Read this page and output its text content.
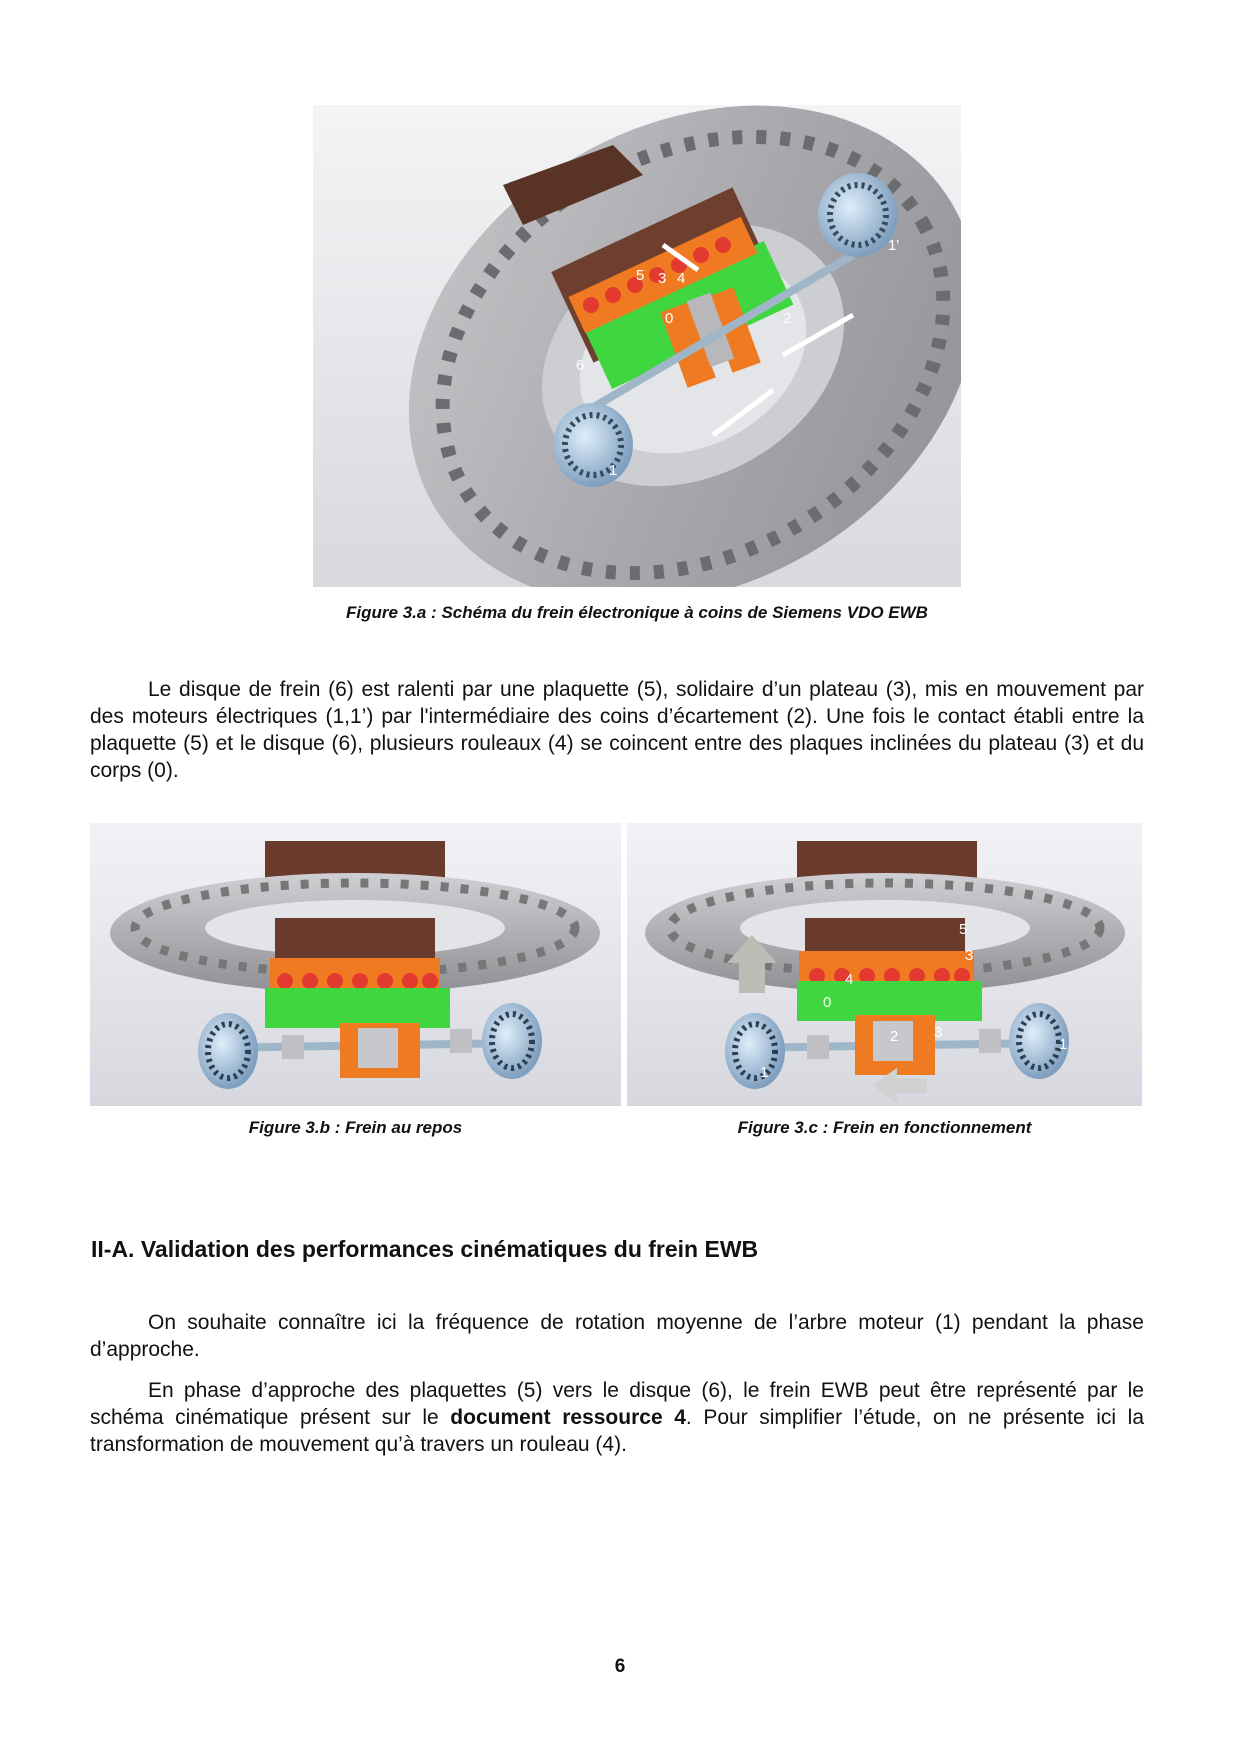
5 3 4
0	2
6
1
1'
Figure 3.a : Schéma du frein électronique à coins de Siemens VDO EWB

Le disque de frein (6) est ralenti par une plaquette (5), solidaire d’un plateau (3), mis en mouvement par des moteurs électriques (1,1’) par l'intermédiaire des coins d’écartement (2). Une fois le contact établi entre la plaquette (5) et le disque (6), plusieurs rouleaux (4) se coincent entre des plaques inclinées du plateau (3) et du corps (0).

Figure 3.b : Frein au repos
5
3
4
0
2 3
1
1
Figure 3.c : Frein en fonctionnement
II-A. Validation des performances cinématiques du frein EWB

On souhaite connaître ici la fréquence de rotation moyenne de l’arbre moteur (1) pendant la phase d’approche.

En phase d’approche des plaquettes (5) vers le disque (6), le frein EWB peut être représenté par le schéma cinématique présent sur le document ressource 4. Pour simplifier l’étude, on ne présente ici la transformation de mouvement qu’à travers un rouleau (4).

6
